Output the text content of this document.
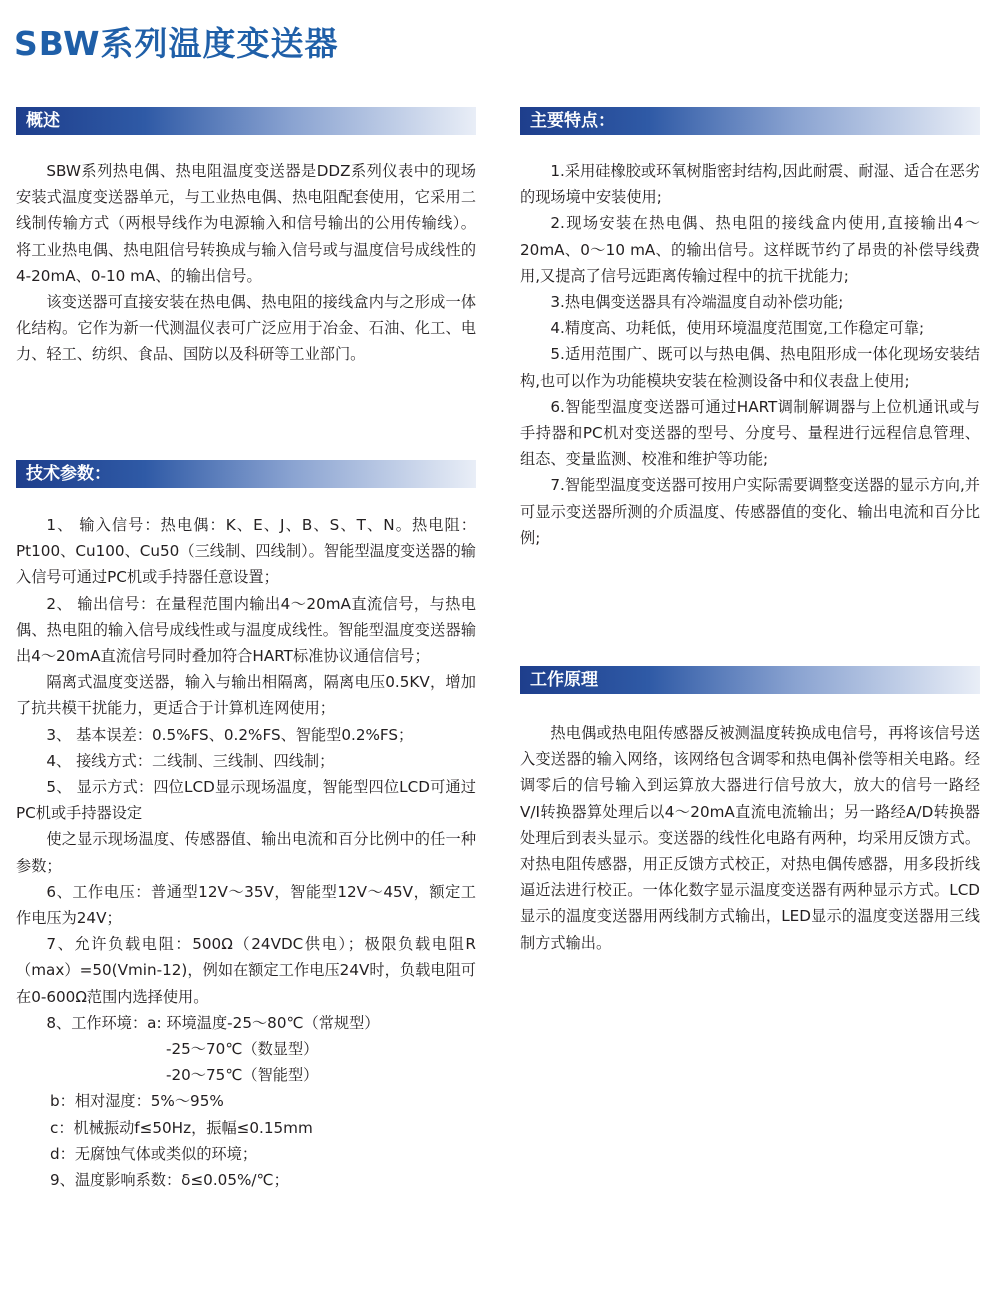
SBW系列温度变送器
概述

SBW系列热电偶、热电阻温度变送器是DDZ系列仪表中的现场安装式温度变送器单元，与工业热电偶、热电阻配套使用，它采用二线制传输方式（两根导线作为电源输入和信号输出的公用传输线）。将工业热电偶、热电阻信号转换成与输入信号或与温度信号成线性的4-20mA、0-10 mA、的输出信号。

该变送器可直接安装在热电偶、热电阻的接线盒内与之形成一体化结构。它作为新一代测温仪表可广泛应用于冶金、石油、化工、电力、轻工、纺织、食品、国防以及科研等工业部门。

技术参数：

1、 输入信号：热电偶：K、E、J、B、S、T、N。热电阻： Pt100、Cu100、Cu50（三线制、四线制）。智能型温度变送器的输入信号可通过PC机或手持器任意设置；

2、 输出信号：在量程范围内输出4～20mA直流信号，与热电偶、热电阻的输入信号成线性或与温度成线性。智能型温度变送器输出4～20mA直流信号同时叠加符合HART标准协议通信信号；

隔离式温度变送器，输入与输出相隔离，隔离电压0.5KV，增加了抗共模干扰能力，更适合于计算机连网使用；

3、 基本误差：0.5%FS、0.2%FS、智能型0.2%FS；

4、 接线方式：二线制、三线制、四线制；

5、 显示方式：四位LCD显示现场温度，智能型四位LCD可通过PC机或手持器设定

使之显示现场温度、传感器值、输出电流和百分比例中的任一种参数；

6、工作电压：普通型12V～35V，智能型12V～45V，额定工作电压为24V；

7、允许负载电阻：500Ω（24VDC供电）；极限负载电阻R（max）=50(Vmin-12)，例如在额定工作电压24V时，负载电阻可在0-600Ω范围内选择使用。

8、工作环境：a: 环境温度-25～80℃（常规型）

-25～70℃（数显型）

-20～75℃（智能型）

b：相对湿度：5%～95%

c：机械振动f≤50Hz，振幅≤0.15mm

d：无腐蚀气体或类似的环境；

9、温度影响系数：δ≤0.05%/℃；

主要特点：

1.采用硅橡胶或环氧树脂密封结构,因此耐震、耐湿、适合在恶劣的现场境中安装使用;

2.现场安装在热电偶、热电阻的接线盒内使用,直接输出4～20mA、0～10 mA、的输出信号。这样既节约了昂贵的补偿导线费用,又提高了信号远距离传输过程中的抗干扰能力;

3.热电偶变送器具有冷端温度自动补偿功能;

4.精度高、功耗低，使用环境温度范围宽,工作稳定可靠;

5.适用范围广、既可以与热电偶、热电阻形成一体化现场安装结构,也可以作为功能模块安装在检测设备中和仪表盘上使用;

6.智能型温度变送器可通过HART调制解调器与上位机通讯或与手持器和PC机对变送器的型号、分度号、量程进行远程信息管理、组态、变量监测、校准和维护等功能;

7.智能型温度变送器可按用户实际需要调整变送器的显示方向,并可显示变送器所测的介质温度、传感器值的变化、输出电流和百分比例;

工作原理

热电偶或热电阻传感器反被测温度转换成电信号，再将该信号送入变送器的输入网络，该网络包含调零和热电偶补偿等相关电路。经调零后的信号输入到运算放大器进行信号放大，放大的信号一路经V/I转换器算处理后以4～20mA直流电流输出；另一路经A/D转换器处理后到表头显示。变送器的线性化电路有两种，均采用反馈方式。对热电阻传感器，用正反馈方式校正，对热电偶传感器，用多段折线逼近法进行校正。一体化数字显示温度变送器有两种显示方式。LCD显示的温度变送器用两线制方式输出，LED显示的温度变送器用三线制方式输出。
